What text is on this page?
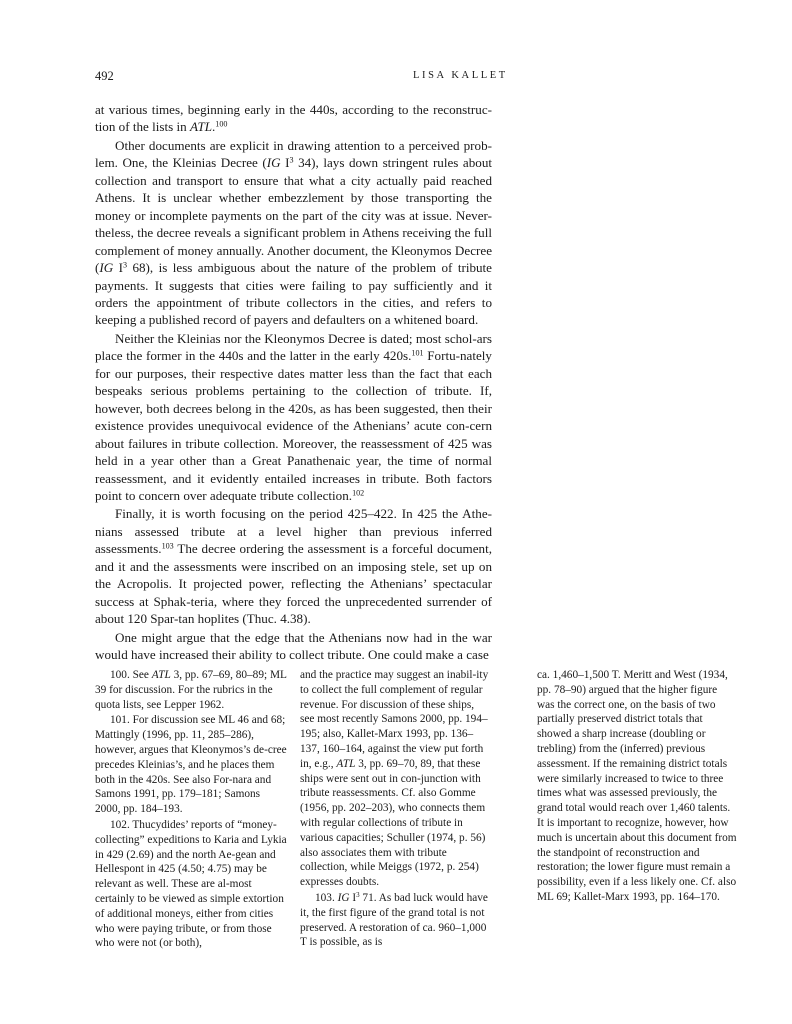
492	LISA KALLET

at various times, beginning early in the 440s, according to the reconstruc-tion of the lists in ATL.$^{100}$

Other documents are explicit in drawing attention to a perceived prob-lem. One, the Kleinias Decree (IG $I^3$ 34), lays down stringent rules about collection and transport to ensure that what a city actually paid reached Athens. It is unclear whether embezzlement by those transporting the money or incomplete payments on the part of the city was at issue. Never-theless, the decree reveals a significant problem in Athens receiving the full complement of money annually. Another document, the Kleonymos Decree (IG $I^3$ 68), is less ambiguous about the nature of the problem of tribute payments. It suggests that cities were failing to pay sufficiently and it orders the appointment of tribute collectors in the cities, and refers to keeping a published record of payers and defaulters on a whitened board.

Neither the Kleinias nor the Kleonymos Decree is dated; most schol-ars place the former in the 440s and the latter in the early 420s.$^{101}$ Fortu-nately for our purposes, their respective dates matter less than the fact that each bespeaks serious problems pertaining to the collection of tribute. If, however, both decrees belong in the 420s, as has been suggested, then their existence provides unequivocal evidence of the Athenians’ acute con-cern about failures in tribute collection. Moreover, the reassessment of 425 was held in a year other than a Great Panathenaic year, the time of normal reassessment, and it evidently entailed increases in tribute. Both factors point to concern over adequate tribute collection.$^{102}$

Finally, it is worth focusing on the period 425–422. In 425 the Athe-nians assessed tribute at a level higher than previous inferred assessments.$^{103}$ The decree ordering the assessment is a forceful document, and it and the assessments were inscribed on an imposing stele, set up on the Acropolis. It projected power, reflecting the Athenians’ spectacular success at Sphak-teria, where they forced the unprecedented surrender of about 120 Spar-tan hoplites (Thuc. 4.38).

One might argue that the edge that the Athenians now had in the war would have increased their ability to collect tribute. One could make a case

100. See ATL 3, pp. 67–69, 80–89; ML 39 for discussion. For the rubrics in the quota lists, see Lepper 1962.

101. For discussion see ML 46 and 68; Mattingly (1996, pp. 11, 285–286), however, argues that Kleonymos’s de-cree precedes Kleinias’s, and he places them both in the 420s. See also For-nara and Samons 1991, pp. 179–181; Samons 2000, pp. 184–193.

102. Thucydides’ reports of “money-collecting” expeditions to Karia and Lykia in 429 (2.69) and the north Ae-gean and Hellespont in 425 (4.50; 4.75) may be relevant as well. These are al-most certainly to be viewed as simple extortion of additional moneys, either from cities who were paying tribute, or from those who were not (or both),

and the practice may suggest an inabil-ity to collect the full complement of regular revenue. For discussion of these ships, see most recently Samons 2000, pp. 194–195; also, Kallet-Marx 1993, pp. 136–137, 160–164, against the view put forth in, e.g., ATL 3, pp. 69–70, 89, that these ships were sent out in con-junction with tribute reassessments. Cf. also Gomme (1956, pp. 202–203), who connects them with regular collections of tribute in various capacities; Schuller (1974, p. 56) also associates them with tribute collection, while Meiggs (1972, p. 254) expresses doubts.

103. IG $I^3$ 71. As bad luck would have it, the first figure of the grand total is not preserved. A restoration of ca. 960–1,000 T is possible, as is

ca. 1,460–1,500 T. Meritt and West (1934, pp. 78–90) argued that the higher figure was the correct one, on the basis of two partially preserved district totals that showed a sharp increase (doubling or trebling) from the (inferred) previous assessment. If the remaining district totals were similarly increased to twice to three times what was assessed previously, the grand total would reach over 1,460 talents. It is important to recognize, however, how much is uncertain about this document from the standpoint of reconstruction and restoration; the lower figure must remain a possibility, even if a less likely one. Cf. also ML 69; Kallet-Marx 1993, pp. 164–170.
